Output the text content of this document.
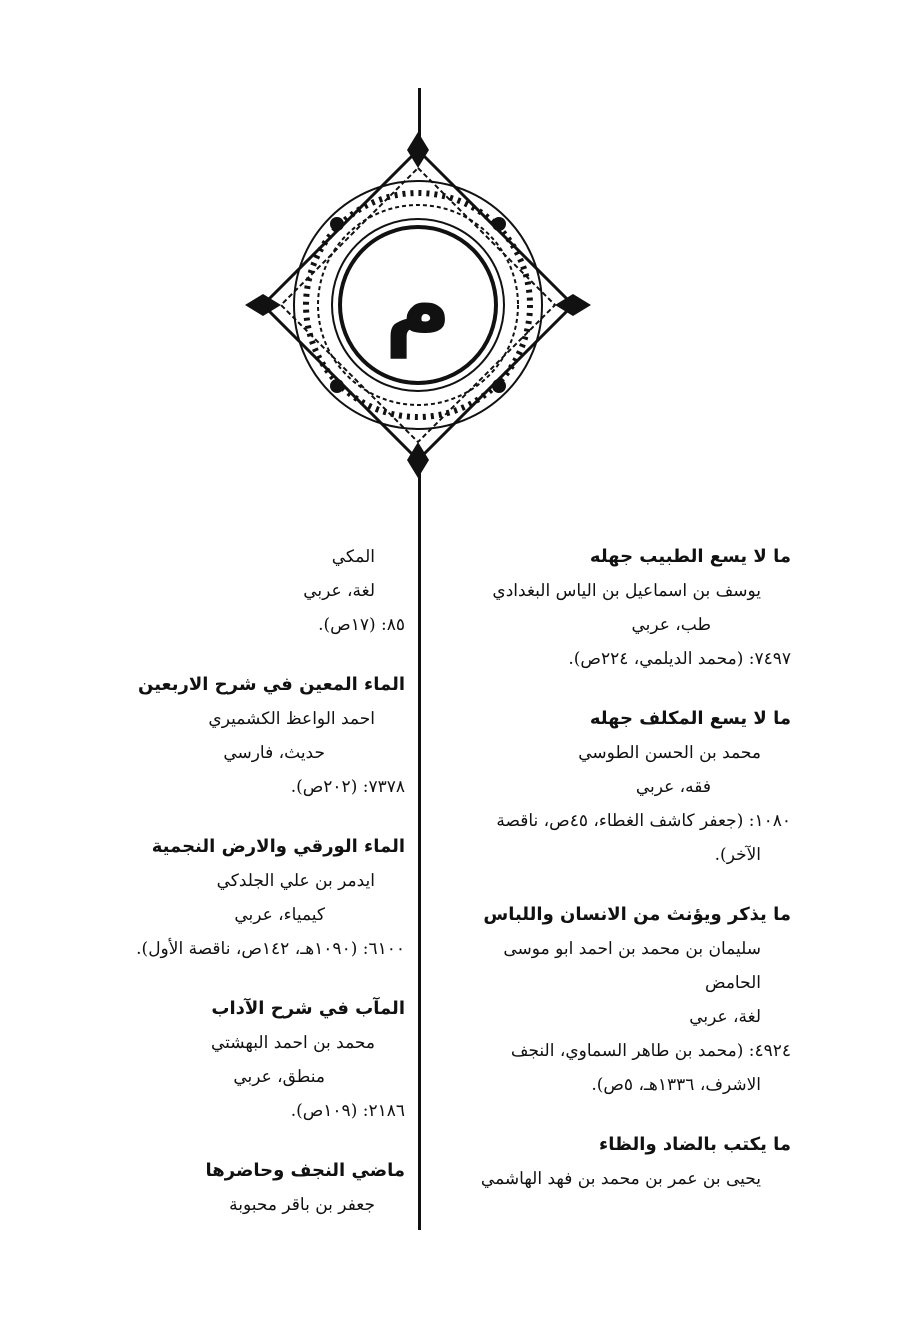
م
ما لا يسع الطبيب جهله
يوسف بن اسماعيل بن الياس البغدادي
طب، عربي
٧٤٩٧: (محمد الديلمي، ٢٢٤ص).
ما لا يسع المكلف جهله
محمد بن الحسن الطوسي
فقه، عربي
١٠٨٠: (جعفر كاشف الغطاء، ٤٥ص، ناقصة
الآخر).
ما يذكر ويؤنث من الانسان واللباس
سليمان بن محمد بن احمد ابو موسى
الحامض
لغة، عربي
٤٩٢٤: (محمد بن طاهر السماوي، النجف
الاشرف، ١٣٣٦هـ، ٥ص).
ما يكتب بالضاد والظاء
يحيى بن عمر بن محمد بن فهد الهاشمي
المكي
لغة، عربي
٨٥: (١٧ص).
الماء المعين في شرح الاربعين
احمد الواعظ الكشميري
حديث، فارسي
٧٣٧٨: (٢٠٢ص).
الماء الورقي والارض النجمية
ايدمر بن علي الجلدكي
كيمياء، عربي
٦١٠٠: (١٠٩٠هـ، ١٤٢ص، ناقصة الأول).
المآب في شرح الآداب
محمد بن احمد البهشتي
منطق، عربي
٢١٨٦: (١٠٩ص).
ماضي النجف وحاضرها
جعفر بن باقر محبوبة
